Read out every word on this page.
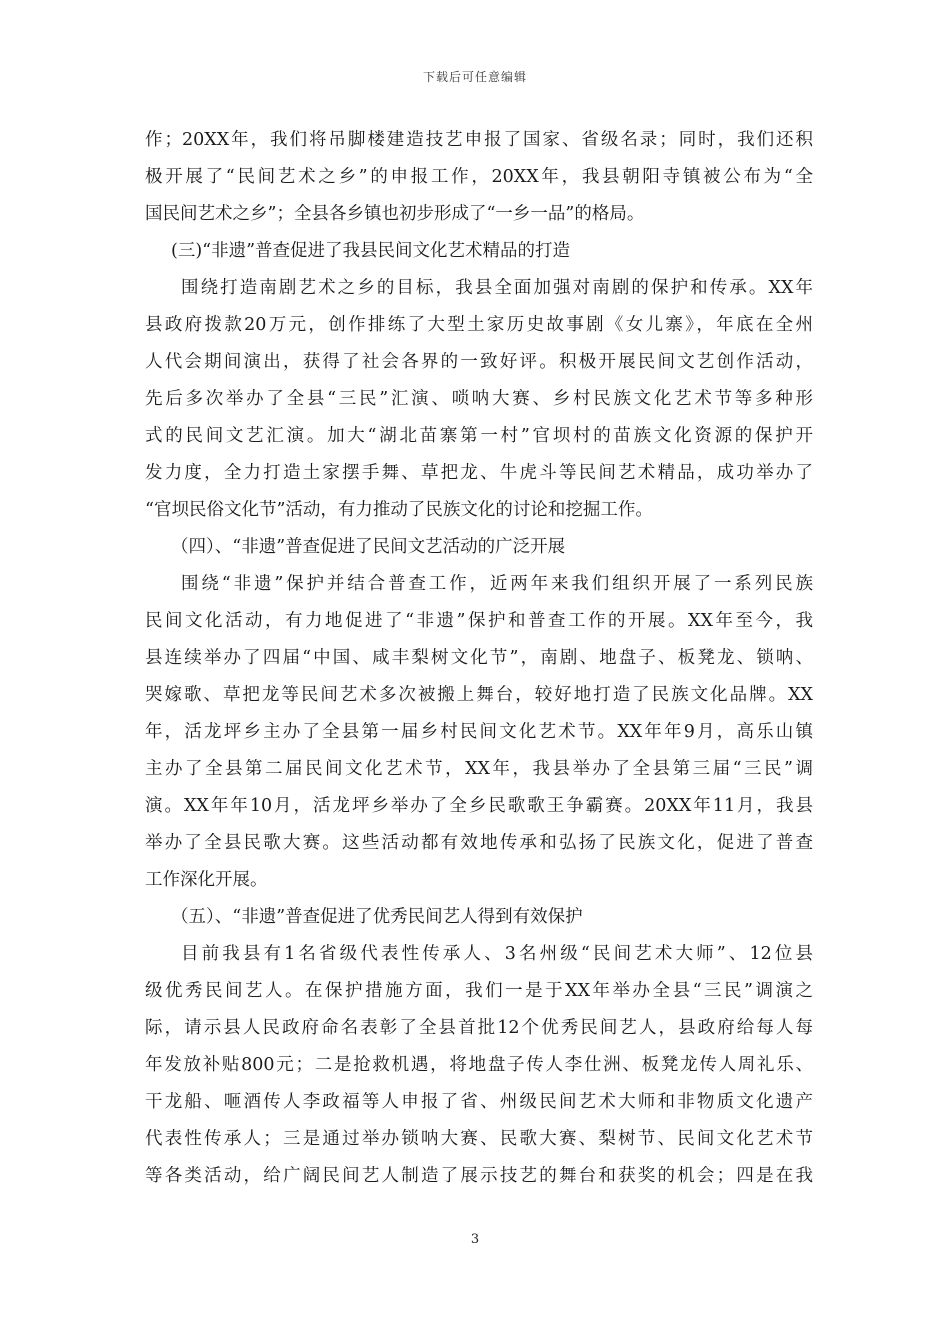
下载后可任意编辑
作；20XX年，我们将吊脚楼建造技艺申报了国家、省级名录；同时，我们还积
极开展了“民间艺术之乡”的申报工作，20XX年，我县朝阳寺镇被公布为“全
国民间艺术之乡”；全县各乡镇也初步形成了“一乡一品”的格局。
(三)“非遗”普查促进了我县民间文化艺术精品的打造
围绕打造南剧艺术之乡的目标，我县全面加强对南剧的保护和传承。XX年
县政府拨款20万元，创作排练了大型土家历史故事剧《女儿寨》，年底在全州
人代会期间演出，获得了社会各界的一致好评。积极开展民间文艺创作活动，
先后多次举办了全县“三民”汇演、唢呐大赛、乡村民族文化艺术节等多种形
式的民间文艺汇演。加大“湖北苗寨第一村”官坝村的苗族文化资源的保护开
发力度，全力打造土家摆手舞、草把龙、牛虎斗等民间艺术精品，成功举办了
“官坝民俗文化节”活动，有力推动了民族文化的讨论和挖掘工作。
（四）、“非遗”普查促进了民间文艺活动的广泛开展
围绕“非遗”保护并结合普查工作，近两年来我们组织开展了一系列民族
民间文化活动，有力地促进了“非遗”保护和普查工作的开展。XX年至今，我
县连续举办了四届“中国、咸丰梨树文化节”，南剧、地盘子、板凳龙、锁呐、
哭嫁歌、草把龙等民间艺术多次被搬上舞台，较好地打造了民族文化品牌。XX
年，活龙坪乡主办了全县第一届乡村民间文化艺术节。XX年年9月，高乐山镇
主办了全县第二届民间文化艺术节，XX年，我县举办了全县第三届“三民”调
演。XX年年10月，活龙坪乡举办了全乡民歌歌王争霸赛。20XX年11月，我县
举办了全县民歌大赛。这些活动都有效地传承和弘扬了民族文化，促进了普查
工作深化开展。
（五）、“非遗”普查促进了优秀民间艺人得到有效保护
目前我县有1名省级代表性传承人、3名州级“民间艺术大师”、12位县
级优秀民间艺人。在保护措施方面，我们一是于XX年举办全县“三民”调演之
际，请示县人民政府命名表彰了全县首批12个优秀民间艺人，县政府给每人每
年发放补贴800元；二是抢救机遇，将地盘子传人李仕洲、板凳龙传人周礼乐、
干龙船、咂酒传人李政福等人申报了省、州级民间艺术大师和非物质文化遗产
代表性传承人；三是通过举办锁呐大赛、民歌大赛、梨树节、民间文化艺术节
等各类活动，给广阔民间艺人制造了展示技艺的舞台和获奖的机会；四是在我
3
